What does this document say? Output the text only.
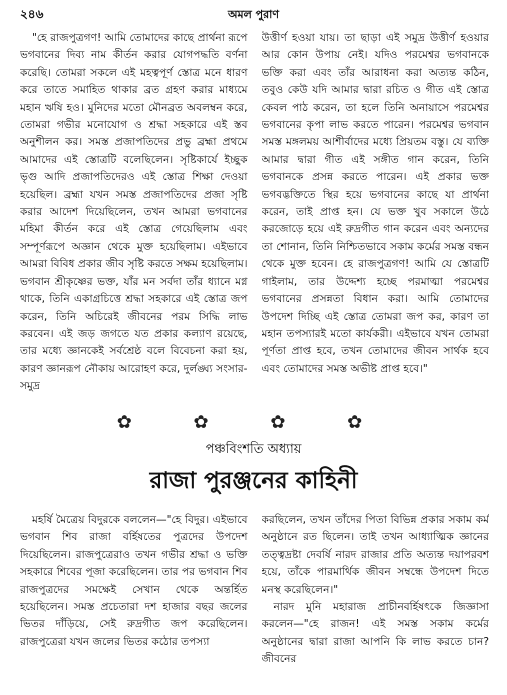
২৪৬	অমল পুরাণ

"হে রাজপুত্রগণ! আমি তোমাদের কাছে প্রার্থনা রূপে ভগবানের দিব্য নাম কীর্তন করার যোগপদ্ধতি বর্ণনা করেছি। তোমরা সকলে এই মহত্বপূর্ণ স্তোত্র মনে ধারণ করে তাতে সমাহিত থাকার ব্রত গ্রহণ করার মাধ্যমে মহান ঋষি হও। মুনিদের মতো মৌনব্রত অবলম্বন করে, তোমরা গভীর মনোযোগ ও শ্রদ্ধা সহকারে এই স্তব অনুশীলন কর। সমস্ত প্রজাপতিদের প্রভু ব্রহ্মা প্রথমে আমাদের এই স্তোত্রটি বলেছিলেন। সৃষ্টিকার্যে ইচ্ছুক ভৃগু আদি প্রজাপতিদেরও এই স্তোত্র শিক্ষা দেওয়া হয়েছিল। ব্রহ্মা যখন সমস্ত প্রজাপতিদের প্রজা সৃষ্টি করার আদেশ দিয়েছিলেন, তখন আমরা ভগবানের মহিমা কীর্তন করে এই স্তোত্র গেয়েছিলাম এবং সম্পূর্ণরূপে অজ্ঞান থেকে মুক্ত হয়েছিলাম। এইভাবে আমরা বিবিধ প্রকার জীব সৃষ্টি করতে সক্ষম হয়েছিলাম। ভগবান শ্রীকৃষ্ণের ভক্ত, যাঁর মন সর্বদা তাঁর ধ্যানে মগ্ন থাকে, তিনি একাগ্রচিত্তে শ্রদ্ধা সহকারে এই স্তোত্র জপ করেন, তিনি অচিরেই জীবনের পরম সিদ্ধি লাভ করবেন। এই জড় জগতে যত প্রকার কল্যাণ রয়েছে, তার মধ্যে জ্ঞানকেই সর্বশ্রেষ্ঠ বলে বিবেচনা করা হয়, কারণ জ্ঞানরূপ নৌকায় আরোহণ করে, দুর্লঙ্ঘ্য সংসার-সমুদ্র

উত্তীর্ণ হওয়া যায়। তা ছাড়া এই সমুদ্র উত্তীর্ণ হওয়ার আর কোন উপায় নেই। যদিও পরমেশ্বর ভগবানকে ভক্তি করা এবং তাঁর আরাধনা করা অত্যন্ত কঠিন, তবুও কেউ যদি আমার দ্বারা রচিত ও গীত এই স্তোত্র কেবল পাঠ করেন, তা হলে তিনি অনায়াসে পরমেশ্বর ভগবানের কৃপা লাভ করতে পারেন। পরমেশ্বর ভগবান সমস্ত মঙ্গলময় আশীর্বাদের মধ্যে প্রিয়তম বস্তু। যে ব্যক্তি আমার দ্বারা গীত এই সঙ্গীত গান করেন, তিনি ভগবানকে প্রসন্ন করতে পারেন। এই প্রকার ভক্ত ভগবদ্ভক্তিতে স্থির হয়ে ভগবানের কাছে যা প্রার্থনা করেন, তাই প্রাপ্ত হন। যে ভক্ত খুব সকালে উঠে করজোড়ে হয়ে এই রুদ্রগীত গান করেন এবং অন্যদের তা শোনান, তিনি নিশ্চিতভাবে সকাম কর্মের সমস্ত বন্ধন থেকে মুক্ত হবেন। হে রাজপুত্রগণ! আমি যে স্তোত্রটি গাইলাম, তার উদ্দেশ্য হচ্ছে পরমাত্মা পরমেশ্বর ভগবানের প্রসন্নতা বিধান করা। আমি তোমাদের উপদেশ দিচ্ছি এই স্তোত্র তোমরা জপ কর, কারণ তা মহান তপস্যারই মতো কার্যকরী। এইভাবে যখন তোমরা পূর্ণতা প্রাপ্ত হবে, তখন তোমাদের জীবন সার্থক হবে এবং তোমাদের সমস্ত অভীষ্ট প্রাপ্ত হবে।"

✿ ✿ ✿ ✿
পঞ্চবিংশতি অধ্যায়
রাজা পুরঞ্জনের কাহিনী

মহর্ষি মৈত্রেয় বিদুরকে বললেন—"হে বিদুর। এইভাবে ভগবান শিব রাজা বর্হিষতের পুত্রদের উপদেশ দিয়েছিলেন। রাজপুত্রেরাও তখন গভীর শ্রদ্ধা ও ভক্তি সহকারে শিবের পূজা করেছিলেন। তার পর ভগবান শিব রাজপুত্রদের সমক্ষেই সেখান থেকে অন্তর্হিত হয়েছিলেন। সমস্ত প্রচেতারা দশ হাজার বছর জলের ভিতর দাঁড়িয়ে, সেই রুদ্রগীত জপ করেছিলেন। রাজপুত্রেরা যখন জলের ভিতর কঠোর তপস্যা

করছিলেন, তখন তাঁদের পিতা বিভিন্ন প্রকার সকাম কর্ম অনুষ্ঠানে রত ছিলেন। তাই তখন আধ্যাত্মিক জ্ঞানের তত্ত্বদ্রষ্টা দেবর্ষি নারদ রাজার প্রতি অত্যন্ত দয়াপরবশ হয়ে, তাঁকে পারমার্থিক জীবন সম্বন্ধে উপদেশ দিতে মনস্থ করেছিলেন।"

নারদ মুনি মহারাজ প্রাচীনবর্হিষৎকে জিজ্ঞাসা করলেন—"হে রাজন! এই সমস্ত সকাম কর্মের অনুষ্ঠানের দ্বারা রাজা আপনি কি লাভ করতে চান? জীবনের
